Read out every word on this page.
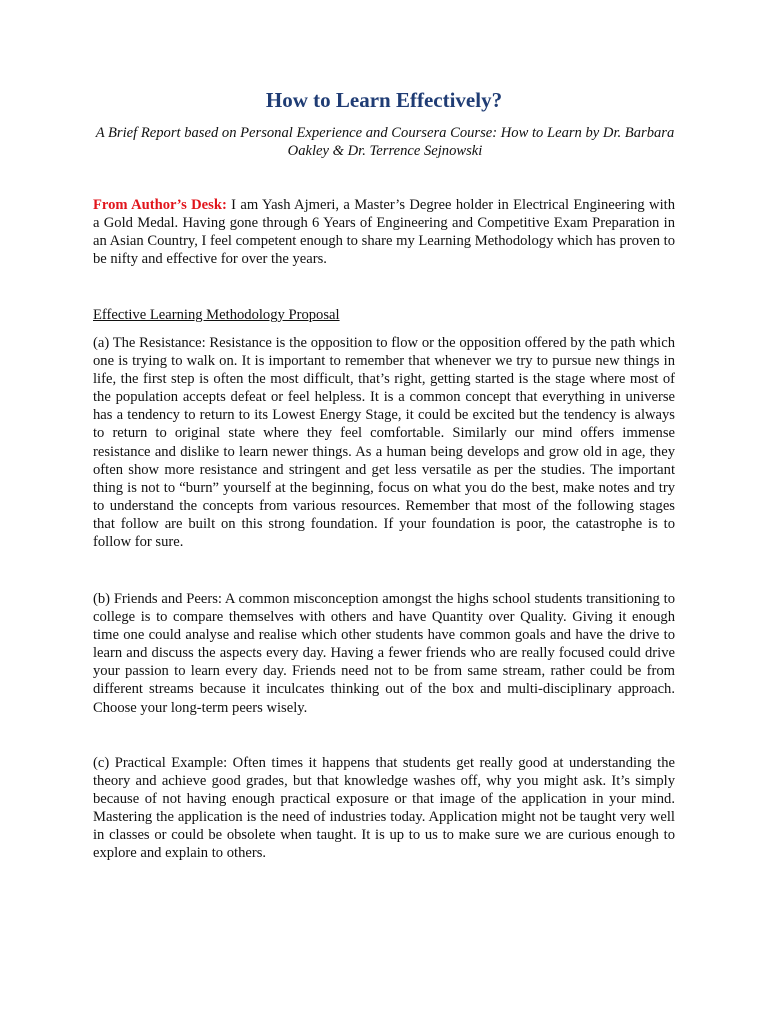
How to Learn Effectively?

A Brief Report based on Personal Experience and Coursera Course: How to Learn by Dr. Barbara Oakley & Dr. Terrence Sejnowski

From Author’s Desk: I am Yash Ajmeri, a Master’s Degree holder in Electrical Engineering with a Gold Medal. Having gone through 6 Years of Engineering and Competitive Exam Preparation in an Asian Country, I feel competent enough to share my Learning Methodology which has proven to be nifty and effective for over the years.

Effective Learning Methodology Proposal

(a) The Resistance: Resistance is the opposition to flow or the opposition offered by the path which one is trying to walk on. It is important to remember that whenever we try to pursue new things in life, the first step is often the most difficult, that’s right, getting started is the stage where most of the population accepts defeat or feel helpless. It is a common concept that everything in universe has a tendency to return to its Lowest Energy Stage, it could be excited but the tendency is always to return to original state where they feel comfortable. Similarly our mind offers immense resistance and dislike to learn newer things. As a human being develops and grow old in age, they often show more resistance and stringent and get less versatile as per the studies. The important thing is not to “burn” yourself at the beginning, focus on what you do the best, make notes and try to understand the concepts from various resources. Remember that most of the following stages that follow are built on this strong foundation. If your foundation is poor, the catastrophe is to follow for sure.

(b) Friends and Peers: A common misconception amongst the highs school students transitioning to college is to compare themselves with others and have Quantity over Quality. Giving it enough time one could analyse and realise which other students have common goals and have the drive to learn and discuss the aspects every day. Having a fewer friends who are really focused could drive your passion to learn every day. Friends need not to be from same stream, rather could be from different streams because it inculcates thinking out of the box and multi-disciplinary approach. Choose your long-term peers wisely.

(c) Practical Example: Often times it happens that students get really good at understanding the theory and achieve good grades, but that knowledge washes off, why you might ask. It’s simply because of not having enough practical exposure or that image of the application in your mind. Mastering the application is the need of industries today. Application might not be taught very well in classes or could be obsolete when taught. It is up to us to make sure we are curious enough to explore and explain to others.
